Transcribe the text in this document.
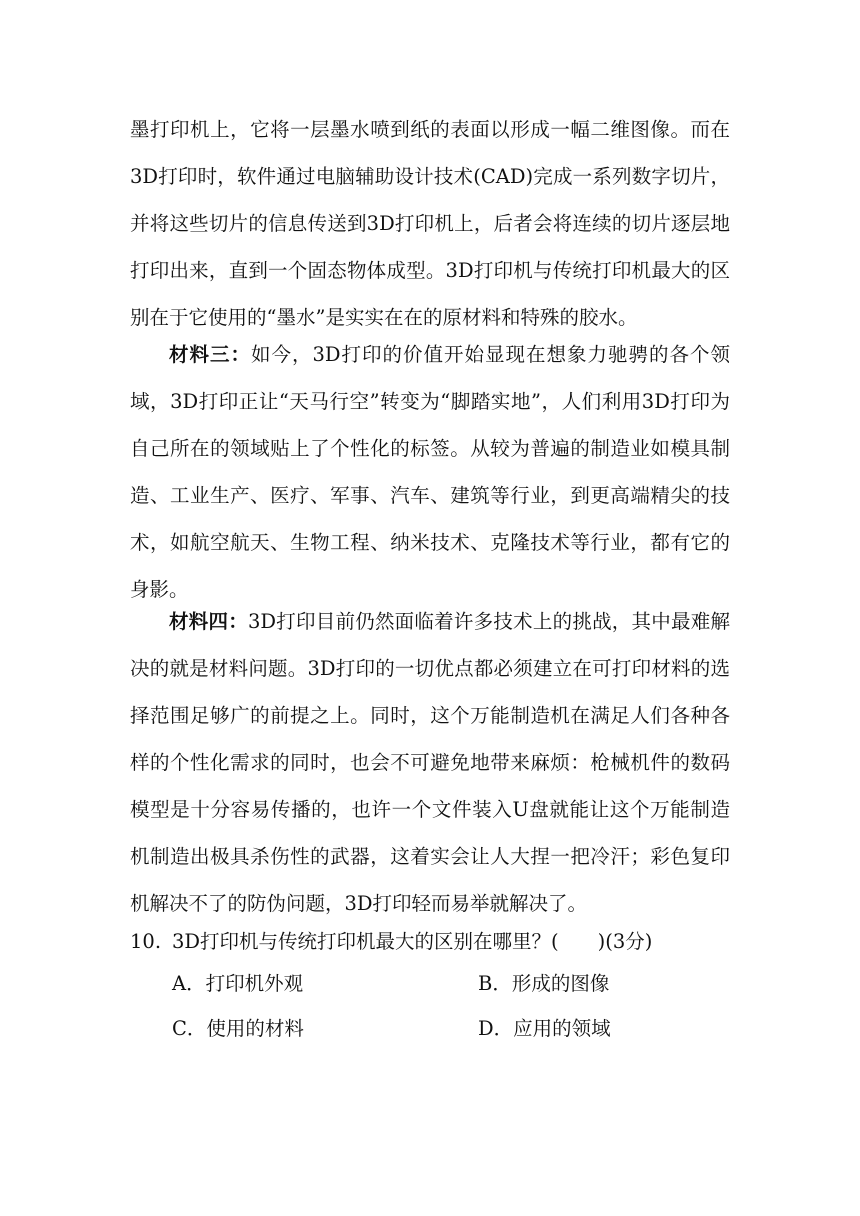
墨打印机上，它将一层墨水喷到纸的表面以形成一幅二维图像。而在3D打印时，软件通过电脑辅助设计技术(CAD)完成一系列数字切片，并将这些切片的信息传送到3D打印机上，后者会将连续的切片逐层地打印出来，直到一个固态物体成型。3D打印机与传统打印机最大的区别在于它使用的“墨水”是实实在在的原材料和特殊的胶水。

材料三：如今，3D打印的价值开始显现在想象力驰骋的各个领域，3D打印正让“天马行空”转变为“脚踏实地”，人们利用3D打印为自己所在的领域贴上了个性化的标签。从较为普遍的制造业如模具制造、工业生产、医疗、军事、汽车、建筑等行业，到更高端精尖的技术，如航空航天、生物工程、纳米技术、克隆技术等行业，都有它的身影。

材料四：3D打印目前仍然面临着许多技术上的挑战，其中最难解决的就是材料问题。3D打印的一切优点都必须建立在可打印材料的选择范围足够广的前提之上。同时，这个万能制造机在满足人们各种各样的个性化需求的同时，也会不可避免地带来麻烦：枪械机件的数码模型是十分容易传播的，也许一个文件装入U盘就能让这个万能制造机制造出极具杀伤性的武器，这着实会让人大捏一把冷汗；彩色复印机解决不了的防伪问题，3D打印轻而易举就解决了。

10. 3D打印机与传统打印机最大的区别在哪里？(　　)(3分)
A．打印机外观	B．形成的图像
C．使用的材料	D．应用的领域
